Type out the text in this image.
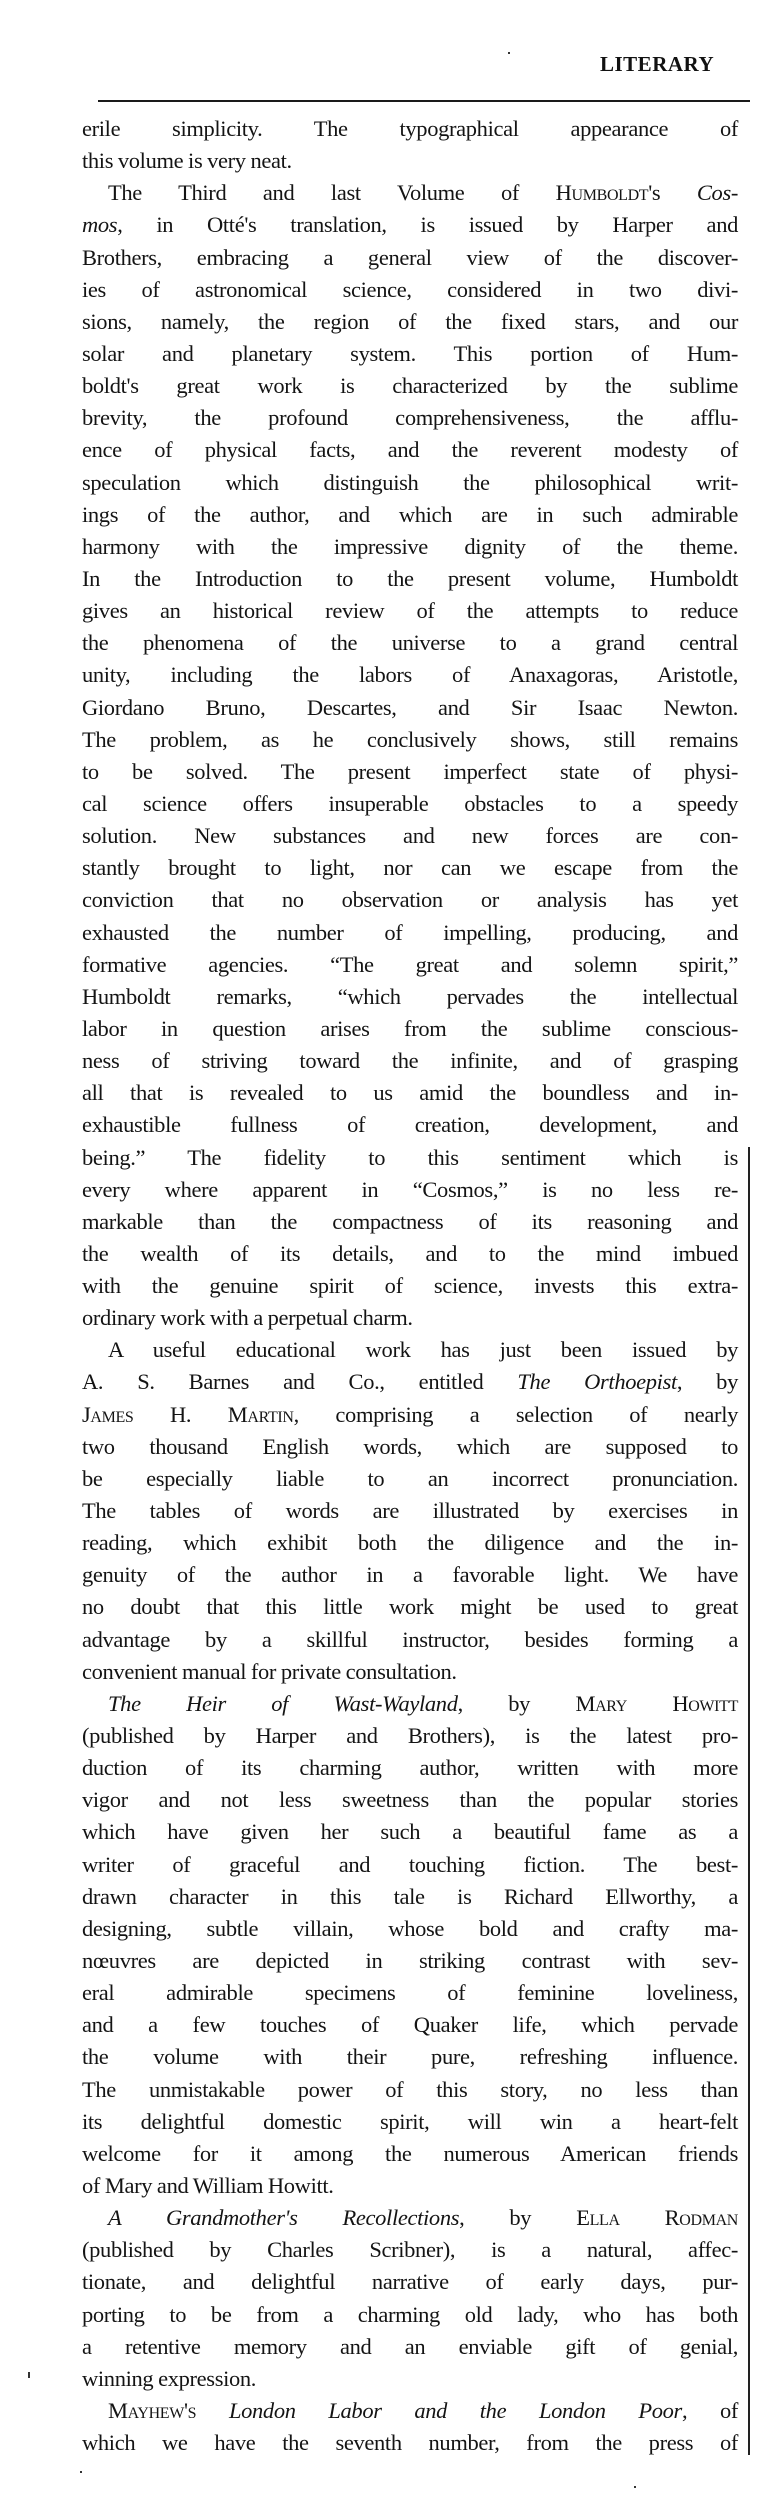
LITERARY
erile simplicity. The typographical appearance of
this volume is very neat.
The Third and last Volume of Humboldt's Cos-
mos, in Otté's translation, is issued by Harper and
Brothers, embracing a general view of the discover-
ies of astronomical science, considered in two divi-
sions, namely, the region of the fixed stars, and our
solar and planetary system. This portion of Hum-
boldt's great work is characterized by the sublime
brevity, the profound comprehensiveness, the afflu-
ence of physical facts, and the reverent modesty of
speculation which distinguish the philosophical writ-
ings of the author, and which are in such admirable
harmony with the impressive dignity of the theme.
In the Introduction to the present volume, Humboldt
gives an historical review of the attempts to reduce
the phenomena of the universe to a grand central
unity, including the labors of Anaxagoras, Aristotle,
Giordano Bruno, Descartes, and Sir Isaac Newton.
The problem, as he conclusively shows, still remains
to be solved. The present imperfect state of physi-
cal science offers insuperable obstacles to a speedy
solution. New substances and new forces are con-
stantly brought to light, nor can we escape from the
conviction that no observation or analysis has yet
exhausted the number of impelling, producing, and
formative agencies. “The great and solemn spirit,”
Humboldt remarks, “which pervades the intellectual
labor in question arises from the sublime conscious-
ness of striving toward the infinite, and of grasping
all that is revealed to us amid the boundless and in-
exhaustible fullness of creation, development, and
being.” The fidelity to this sentiment which is
every where apparent in “Cosmos,” is no less re-
markable than the compactness of its reasoning and
the wealth of its details, and to the mind imbued
with the genuine spirit of science, invests this extra-
ordinary work with a perpetual charm.
A useful educational work has just been issued by
A. S. Barnes and Co., entitled The Orthoepist, by
James H. Martin, comprising a selection of nearly
two thousand English words, which are supposed to
be especially liable to an incorrect pronunciation.
The tables of words are illustrated by exercises in
reading, which exhibit both the diligence and the in-
genuity of the author in a favorable light. We have
no doubt that this little work might be used to great
advantage by a skillful instructor, besides forming a
convenient manual for private consultation.
The Heir of Wast-Wayland, by Mary Howitt
(published by Harper and Brothers), is the latest pro-
duction of its charming author, written with more
vigor and not less sweetness than the popular stories
which have given her such a beautiful fame as a
writer of graceful and touching fiction. The best-
drawn character in this tale is Richard Ellworthy, a
designing, subtle villain, whose bold and crafty ma-
nœuvres are depicted in striking contrast with sev-
eral admirable specimens of feminine loveliness,
and a few touches of Quaker life, which pervade
the volume with their pure, refreshing influence.
The unmistakable power of this story, no less than
its delightful domestic spirit, will win a heart-felt
welcome for it among the numerous American friends
of Mary and William Howitt.
A Grandmother's Recollections, by Ella Rodman
(published by Charles Scribner), is a natural, affec-
tionate, and delightful narrative of early days, pur-
porting to be from a charming old lady, who has both
a retentive memory and an enviable gift of genial,
winning expression.
Mayhew's London Labor and the London Poor, of
which we have the seventh number, from the press of
